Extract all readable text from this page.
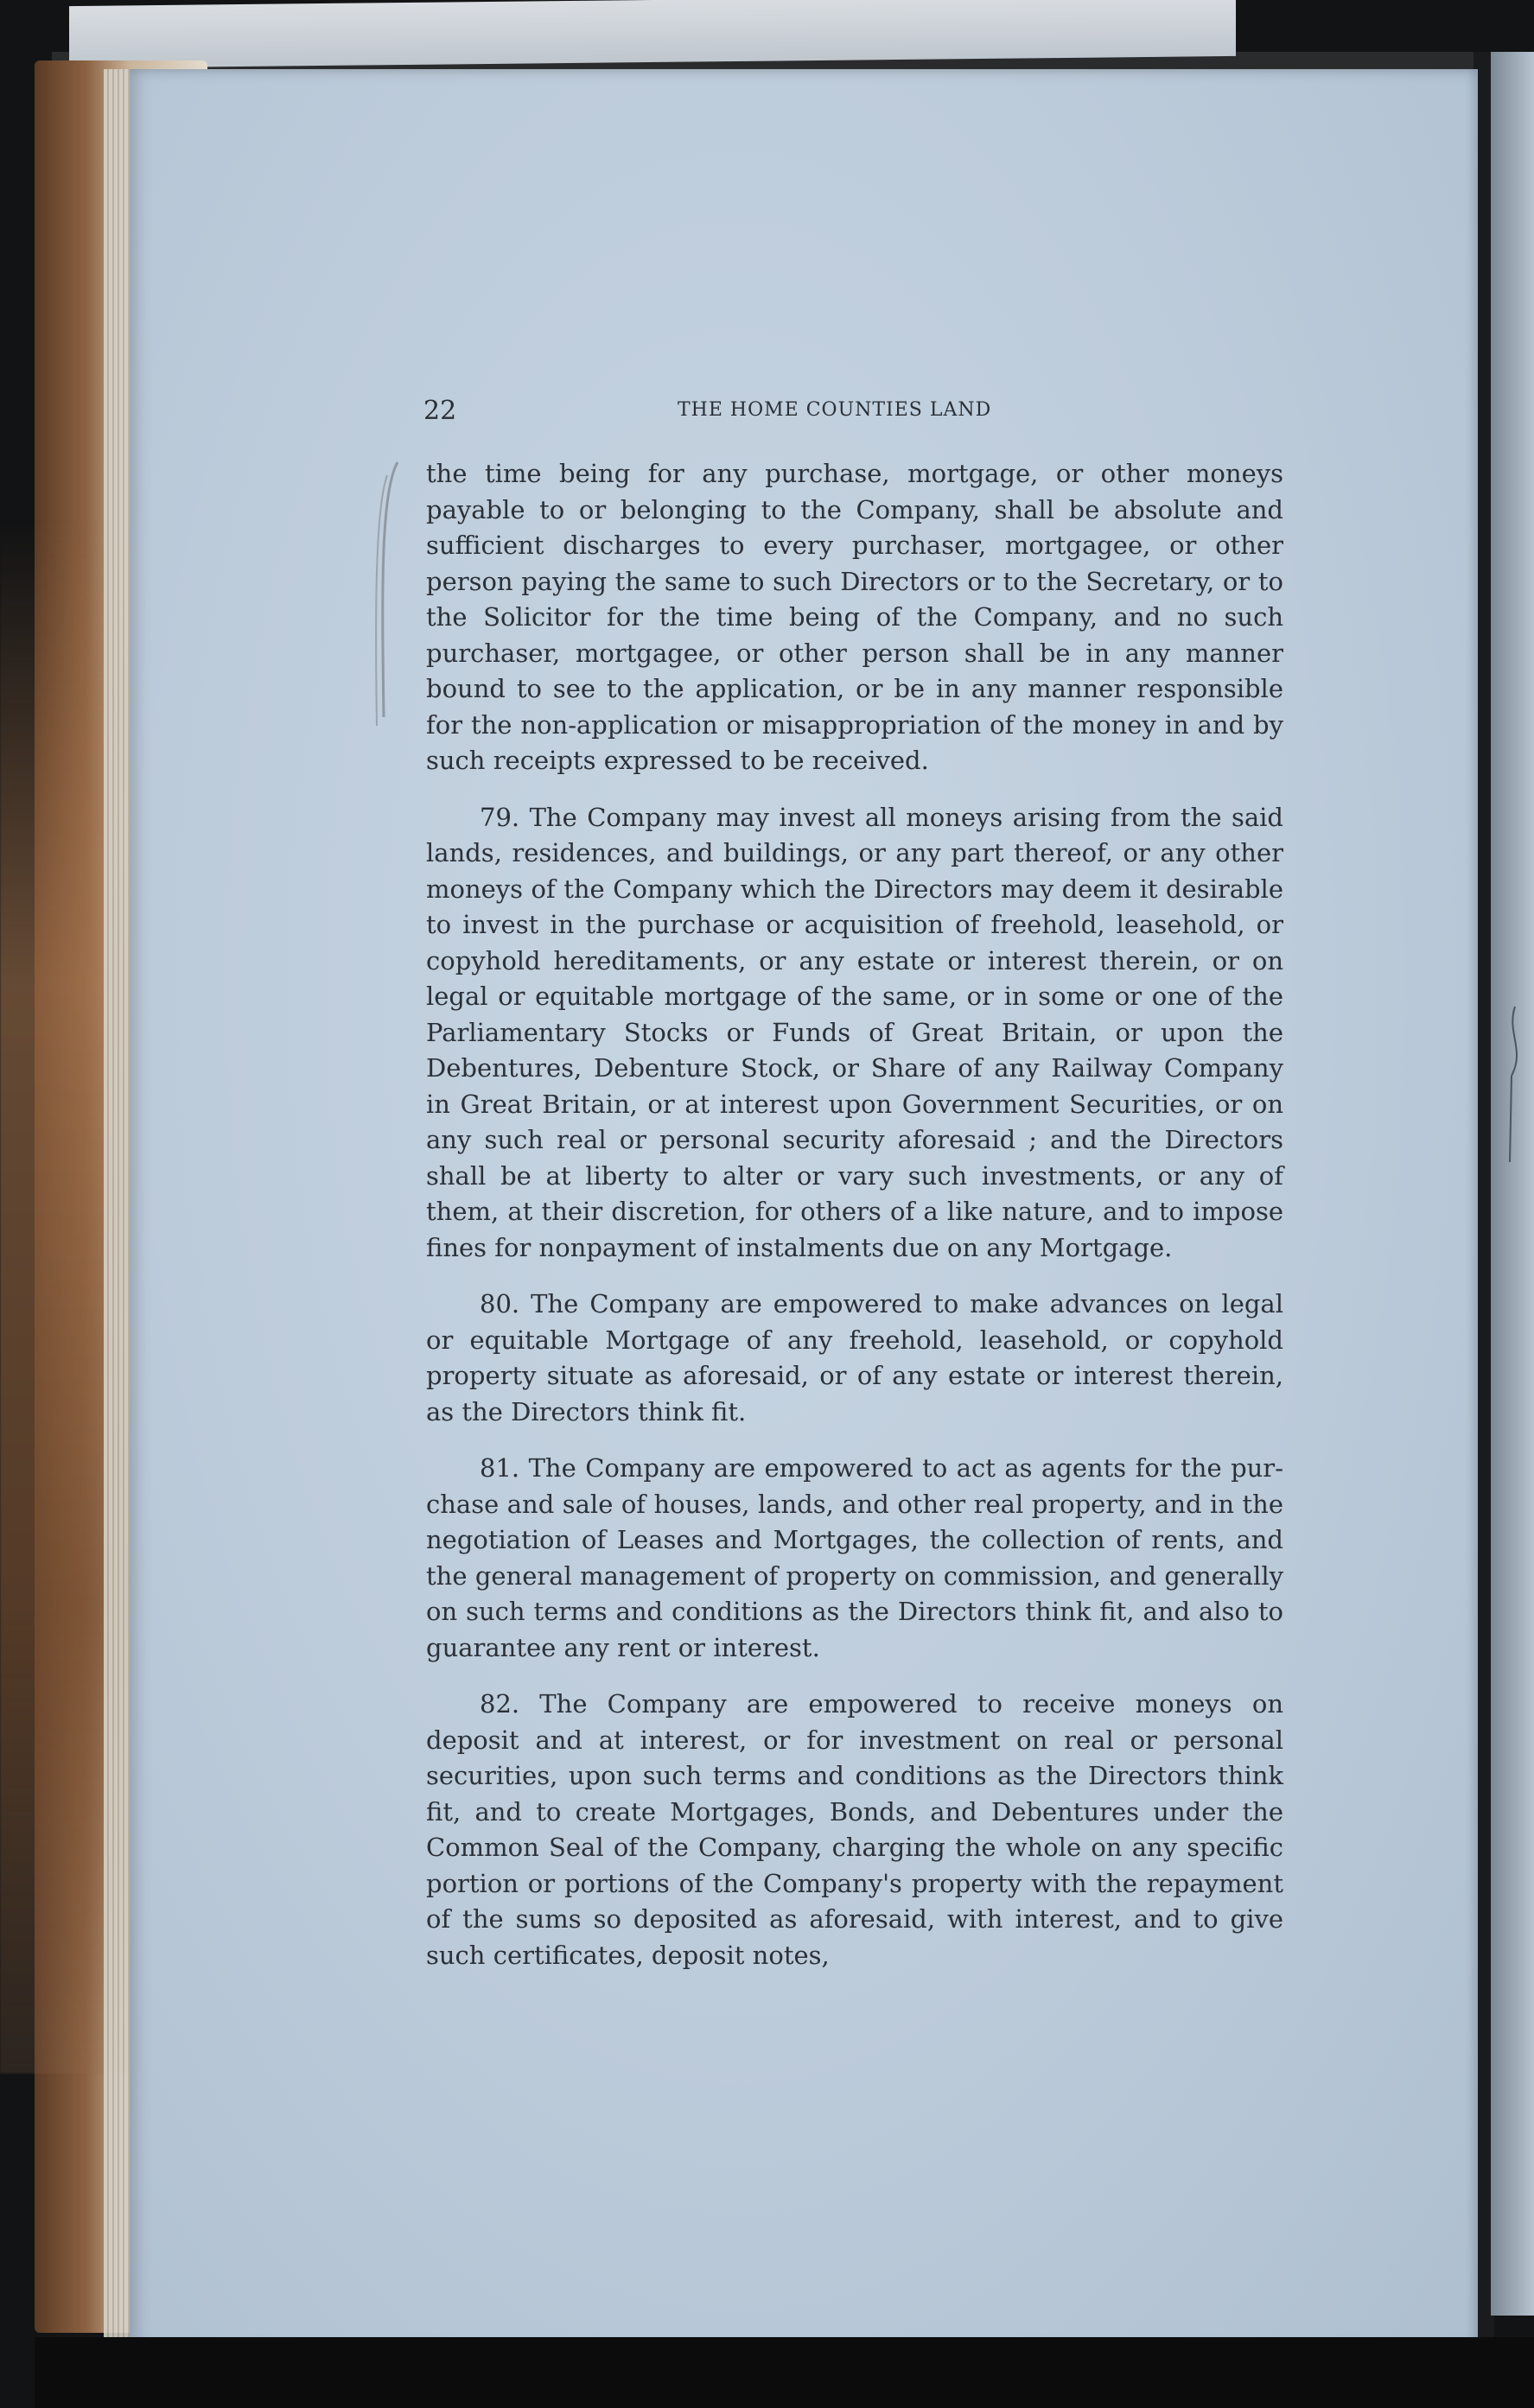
22	THE HOME COUNTIES LAND

the time being for any purchase, mortgage, or other moneys payable to or belonging to the Company, shall be absolute and sufficient discharges to every purchaser, mortgagee, or other person paying the same to such Directors or to the Secretary, or to the Solicitor for the time being of the Company, and no such purchaser, mortgagee, or other person shall be in any manner bound to see to the application, or be in any manner responsible for the non-application or misappropriation of the money in and by such receipts expressed to be received.

79. The Company may invest all moneys arising from the said lands, residences, and buildings, or any part thereof, or any other moneys of the Company which the Directors may deem it desirable to invest in the purchase or acquisition of freehold, leasehold, or copyhold hereditaments, or any estate or interest therein, or on legal or equitable mortgage of the same, or in some or one of the Parliamentary Stocks or Funds of Great Britain, or upon the Debentures, Debenture Stock, or Share of any Railway Company in Great Britain, or at interest upon Government Securities, or on any such real or personal security aforesaid ; and the Directors shall be at liberty to alter or vary such investments, or any of them, at their discretion, for others of a like nature, and to impose fines for nonpayment of instalments due on any Mortgage.

80. The Company are empowered to make advances on legal or equitable Mortgage of any freehold, leasehold, or copyhold property situate as aforesaid, or of any estate or interest therein, as the Directors think fit.

81. The Company are empowered to act as agents for the purchase and sale of houses, lands, and other real property, and in the negotiation of Leases and Mortgages, the collection of rents, and the general management of property on commission, and generally on such terms and conditions as the Directors think fit, and also to guarantee any rent or interest.

82. The Company are empowered to receive moneys on deposit and at interest, or for investment on real or personal securities, upon such terms and conditions as the Directors think fit, and to create Mortgages, Bonds, and Debentures under the Common Seal of the Company, charging the whole on any specific portion or portions of the Company's property with the repayment of the sums so deposited as aforesaid, with interest, and to give such certificates, deposit notes,
